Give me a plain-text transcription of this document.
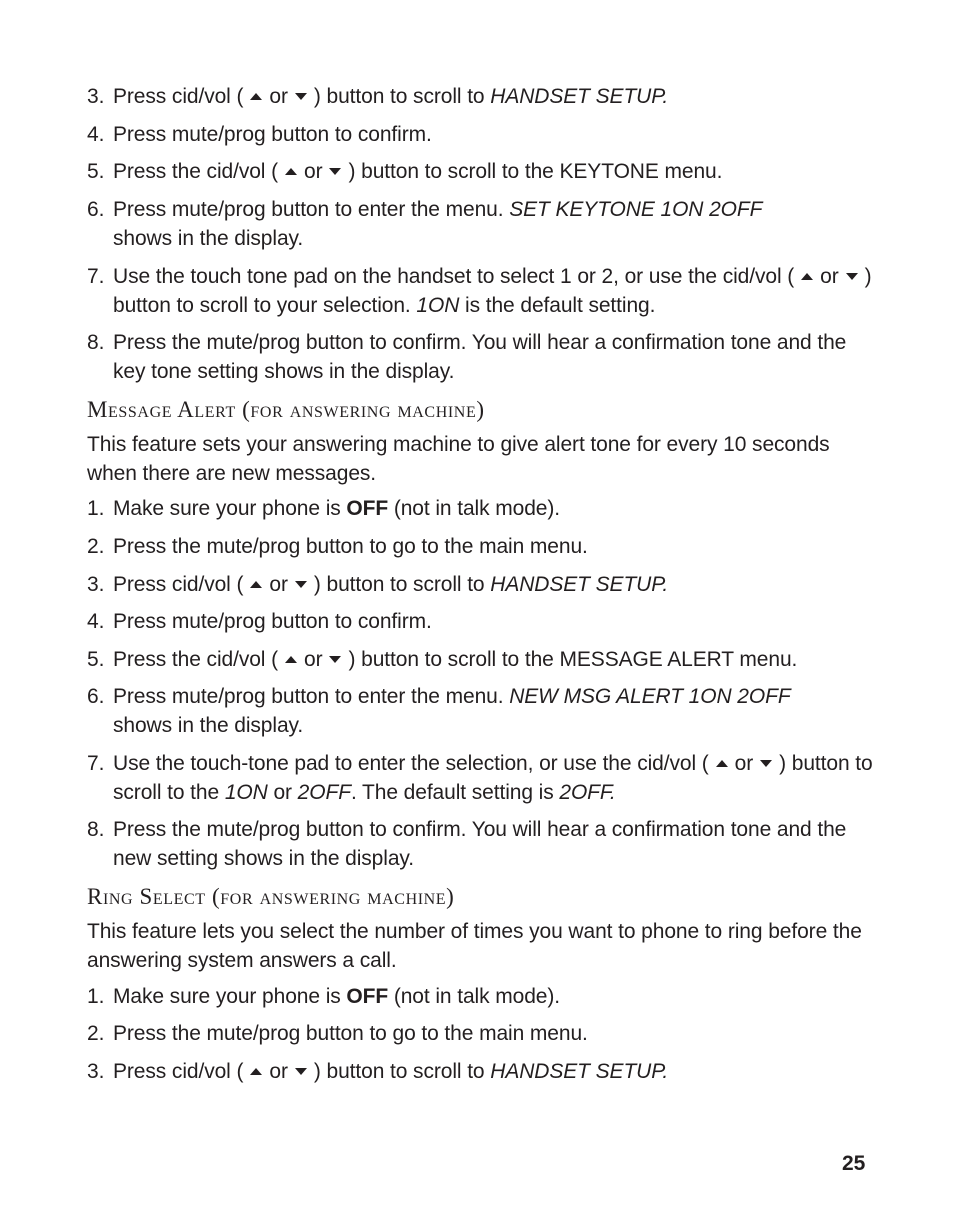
3. Press cid/vol ( or ) button to scroll to HANDSET SETUP.
4. Press mute/prog button to confirm.
5. Press the cid/vol ( or ) button to scroll to the KEYTONE menu.
6. Press mute/prog button to enter the menu. SET KEYTONE 1ON 2OFF
shows in the display.
7. Use the touch tone pad on the handset to select 1 or 2, or use the cid/vol ( or ) button to scroll to your selection. 1ON is the default setting.
8. Press the mute/prog button to confirm. You will hear a confirmation tone and the key tone setting shows in the display.
Message Alert (for answering machine)
This feature sets your answering machine to give alert tone for every 10 seconds when there are new messages.
1. Make sure your phone is OFF (not in talk mode).
2. Press the mute/prog button to go to the main menu.
3. Press cid/vol ( or ) button to scroll to HANDSET SETUP.
4. Press mute/prog button to confirm.
5. Press the cid/vol ( or ) button to scroll to the MESSAGE ALERT menu.
6. Press mute/prog button to enter the menu. NEW MSG ALERT 1ON 2OFF
shows in the display.
7. Use the touch-tone pad to enter the selection, or use the cid/vol ( or ) button to scroll to the 1ON or 2OFF. The default setting is 2OFF.
8. Press the mute/prog button to confirm. You will hear a confirmation tone and the new setting shows in the display.
Ring Select (for answering machine)
This feature lets you select the number of times you want to phone to ring before the answering system answers a call.
1. Make sure your phone is OFF (not in talk mode).
2. Press the mute/prog button to go to the main menu.
3. Press cid/vol ( or ) button to scroll to HANDSET SETUP.
25
